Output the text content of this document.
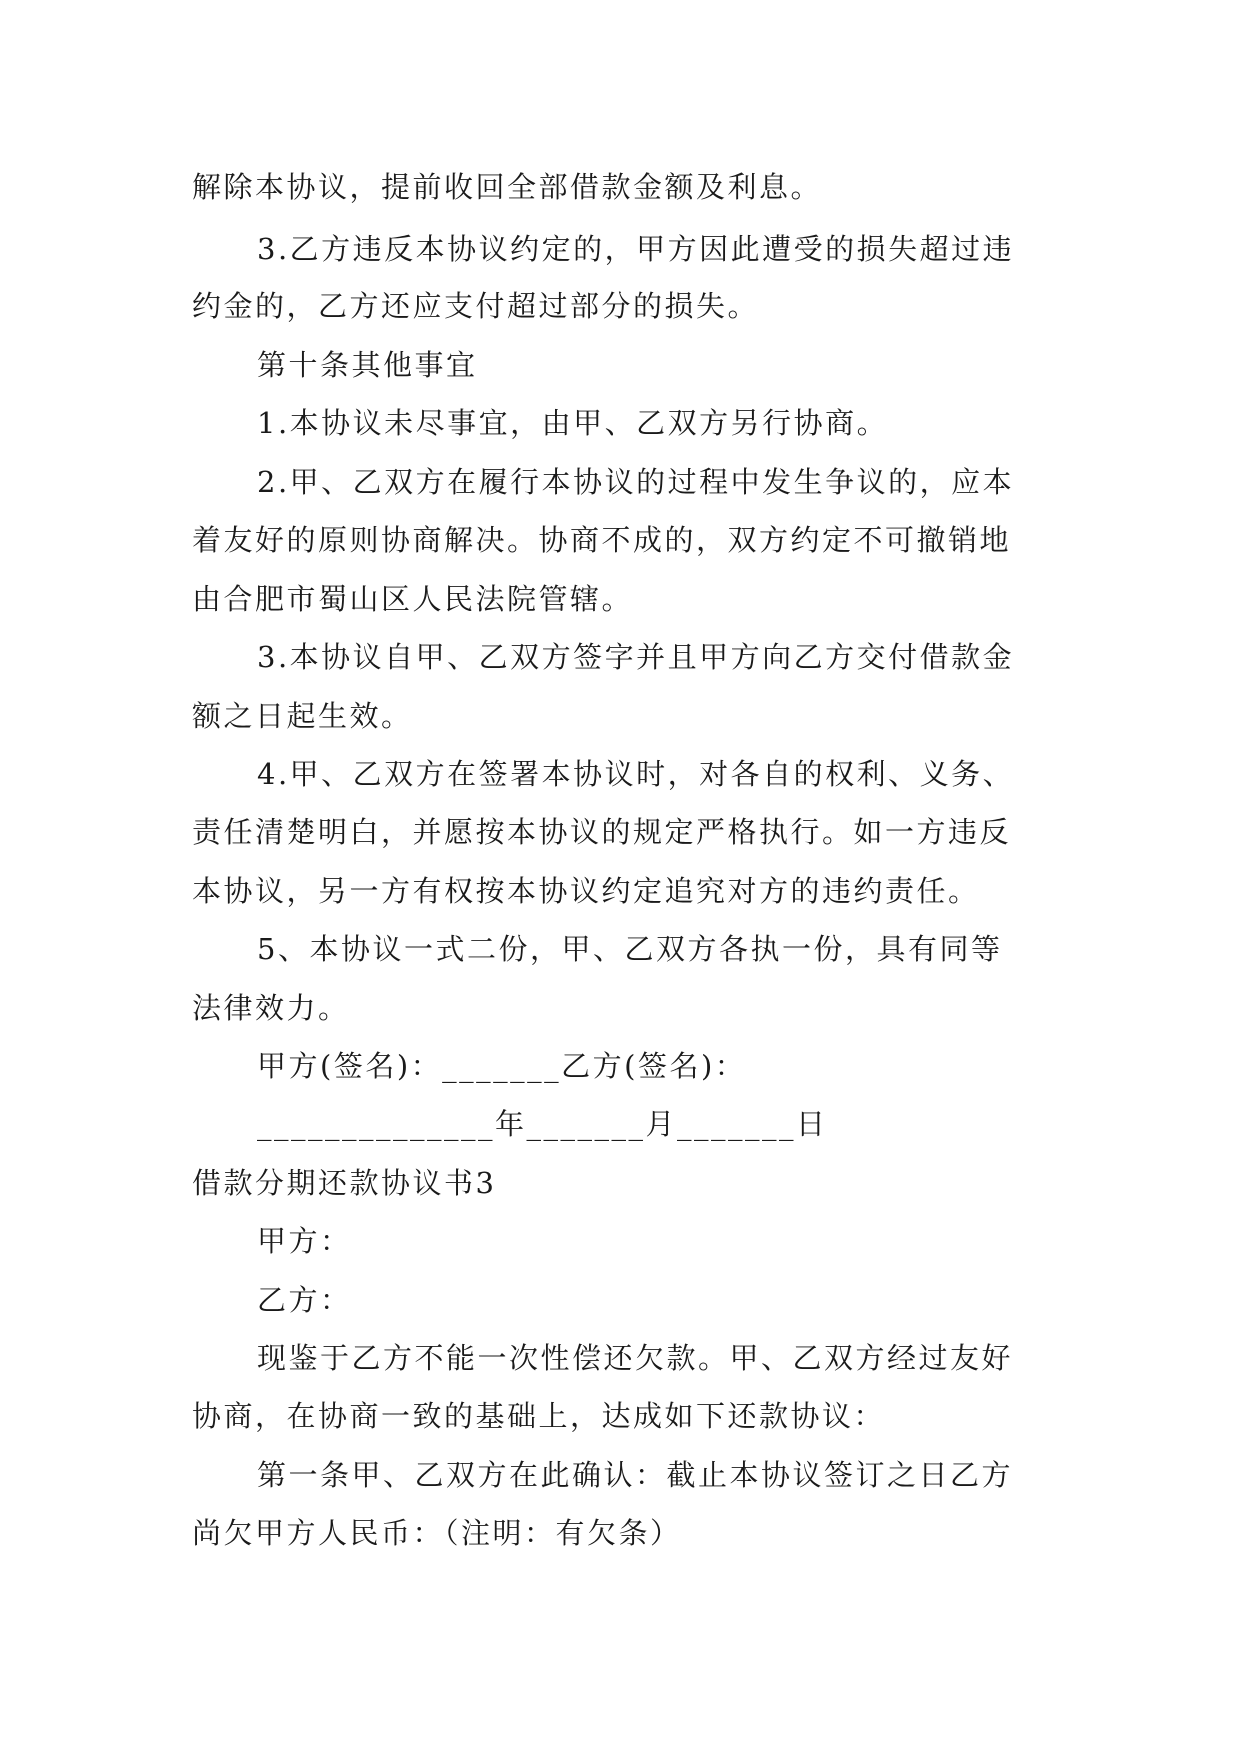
解除本协议，提前收回全部借款金额及利息。
3.乙方违反本协议约定的，甲方因此遭受的损失超过违
约金的，乙方还应支付超过部分的损失。
第十条其他事宜
1.本协议未尽事宜，由甲、乙双方另行协商。
2.甲、乙双方在履行本协议的过程中发生争议的，应本
着友好的原则协商解决。协商不成的，双方约定不可撤销地
由合肥市蜀山区人民法院管辖。
3.本协议自甲、乙双方签字并且甲方向乙方交付借款金
额之日起生效。
4.甲、乙双方在签署本协议时，对各自的权利、义务、
责任清楚明白，并愿按本协议的规定严格执行。如一方违反
本协议，另一方有权按本协议约定追究对方的违约责任。
5、本协议一式二份，甲、乙双方各执一份，具有同等
法律效力。
甲方(签名)：_______乙方(签名)：
______________年_______月_______日
借款分期还款协议书3
甲方：
乙方：
现鉴于乙方不能一次性偿还欠款。甲、乙双方经过友好
协商，在协商一致的基础上，达成如下还款协议：
第一条甲、乙双方在此确认：截止本协议签订之日乙方
尚欠甲方人民币：（注明：有欠条）
